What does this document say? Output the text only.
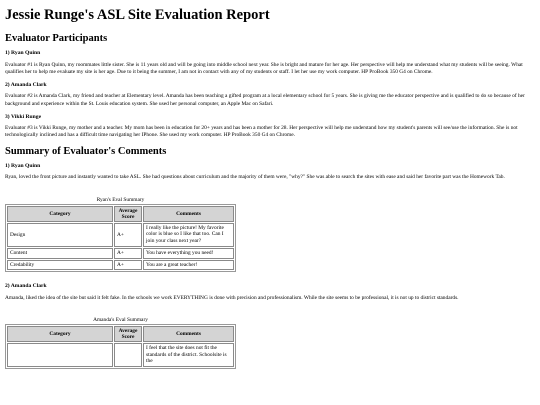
Jessie Runge's ASL Site Evaluation Report
Evaluator Participants
1) Ryan Quinn

Evaluator #1 is Ryan Quinn, my roommates little sister. She is 11 years old and will be going into middle school next year. She is bright and mature for her age. Her perspective will help me understand what my students will be seeing. What qualifies her to help me evaluate my site is her age. Due to it being the summer, I am not in contact with any of my students or staff. I let her use my work computer. HP ProBook 350 G4 on Chrome.

2) Amanda Clark

Evaluator #2 is Amanda Clark, my friend and teacher at Elementary level. Amanda has been teaching a gifted program at a local elementary school for 5 years. She is giving me the educator perspective and is qualified to do so because of her background and experience within the St. Louis education system. She used her personal computer, an Apple Mac on Safari.

3) Vikki Runge

Evaluator #3 is Vikki Runge, my mother and a teacher. My mom has been in education for 20+ years and has been a mother for 28. Her perspective will help me understand how my student's parents will see/use the information. She is not technologically inclined and has a difficult time navigating her IPhone. She used my work computer. HP ProBook 350 G4 on Chrome.

Summary of Evaluator's Comments
1) Ryan Quinn

Ryan, loved the front picture and instantly wanted to take ASL. She had questions about curriculum and the majority of them were, "why?" She was able to search the sites with ease and said her favorite part was the Homework Tab.

Ryan's Eval Summary
Category	Average Score	Comments
Design	A+	I really like the picture! My favorite color is blue so I like that too. Can I join your class next year?
Content	A+	You have everything you need!
Credability	A+	You are a great teacher!
2) Amanda Clark

Amanda, liked the idea of the site but said it felt fake. In the schools we work EVERYTHING is done with precision and professionalism. While the site seems to be professional, it is not up to district standards.

Amanda's Eval Summary
Category	Average Score	Comments
		I feel that the site does not fit the standards of the district. Schoolsite is the
